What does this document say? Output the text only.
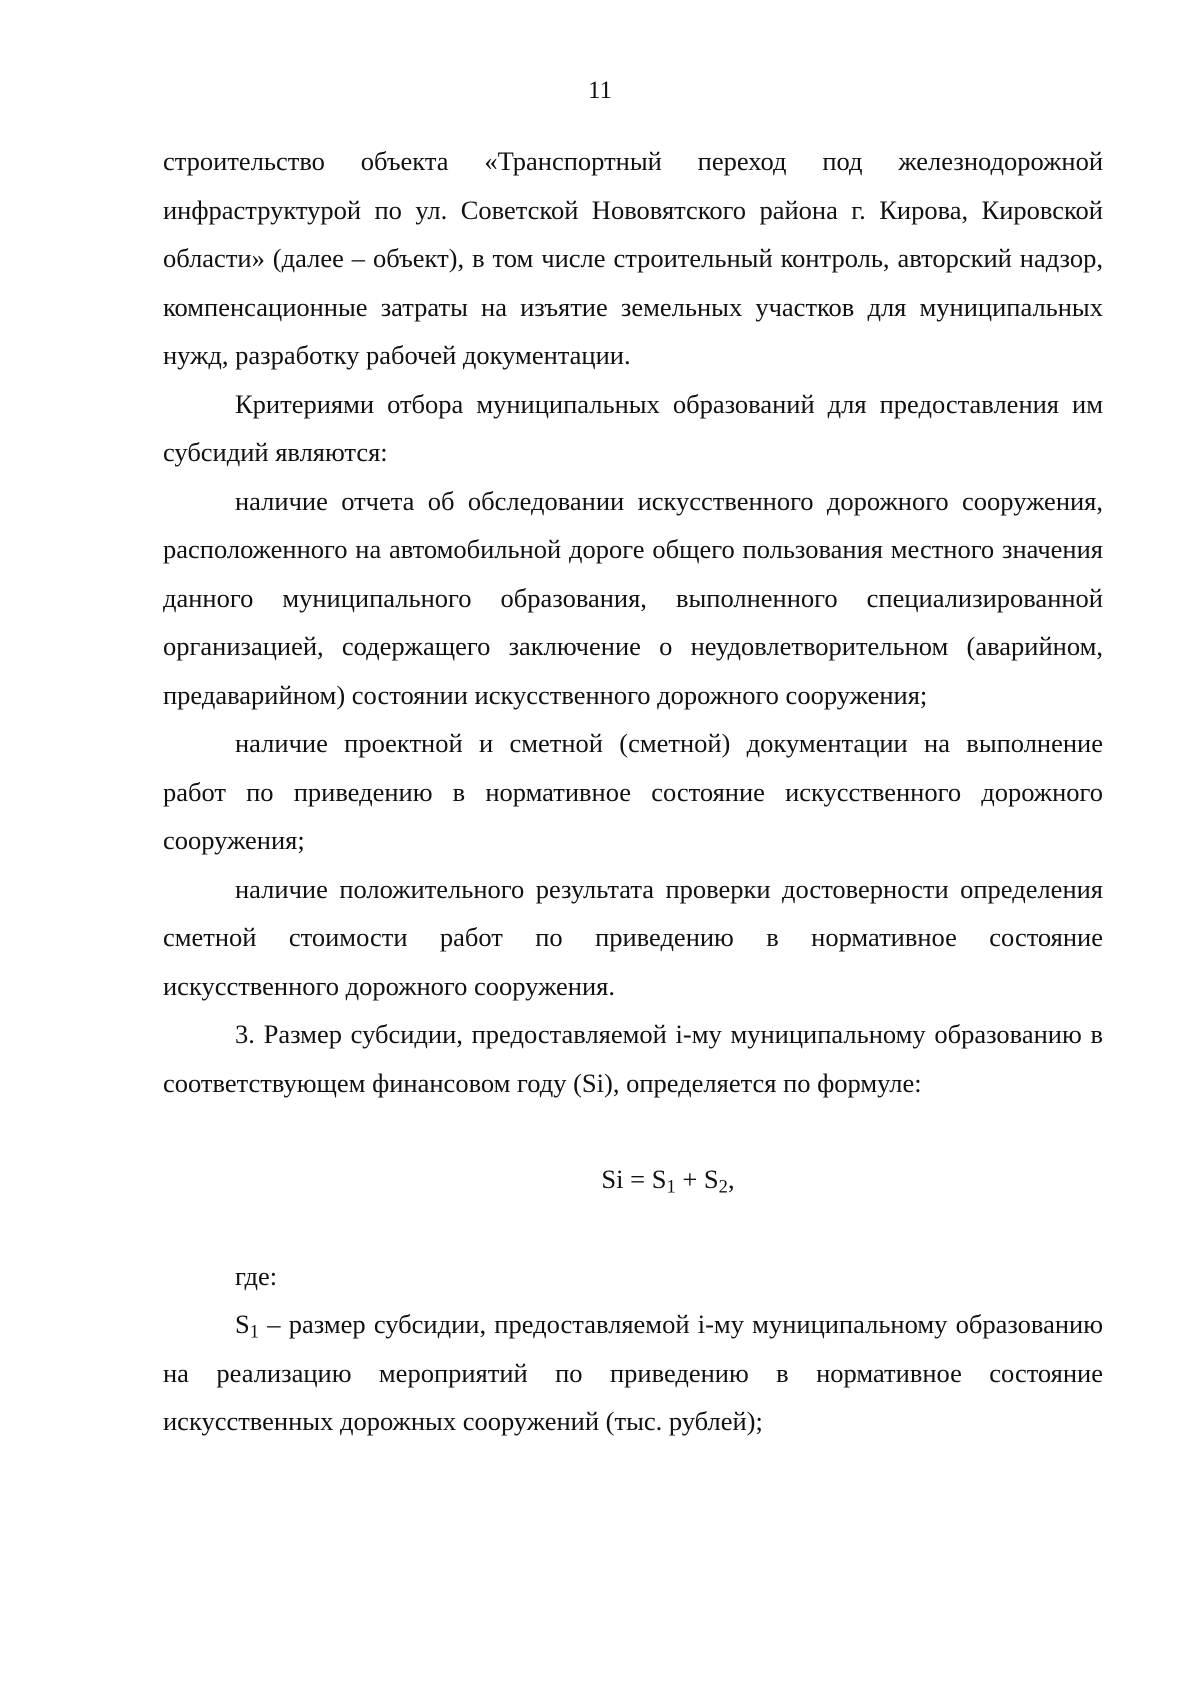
11

строительство объекта «Транспортный переход под железнодорожной инфраструктурой по ул. Советской Нововятского района г. Кирова, Кировской области» (далее – объект), в том числе строительный контроль, авторский надзор, компенсационные затраты на изъятие земельных участков для муниципальных нужд, разработку рабочей документации.

Критериями отбора муниципальных образований для предоставления им субсидий являются:

наличие отчета об обследовании искусственного дорожного сооружения, расположенного на автомобильной дороге общего пользования местного значения данного муниципального образования, выполненного специализированной организацией, содержащего заключение о неудовлетворительном (аварийном, предаварийном) состоянии искусственного дорожного сооружения;

наличие проектной и сметной (сметной) документации на выполнение работ по приведению в нормативное состояние искусственного дорожного сооружения;

наличие положительного результата проверки достоверности определения сметной стоимости работ по приведению в нормативное состояние искусственного дорожного сооружения.

3. Размер субсидии, предоставляемой i-му муниципальному образованию в соответствующем финансовом году (Si), определяется по формуле:

$Si = S_1 + S_2$,

где:

$S_1$ – размер субсидии, предоставляемой i-му муниципальному образованию на реализацию мероприятий по приведению в нормативное состояние искусственных дорожных сооружений (тыс. рублей);
